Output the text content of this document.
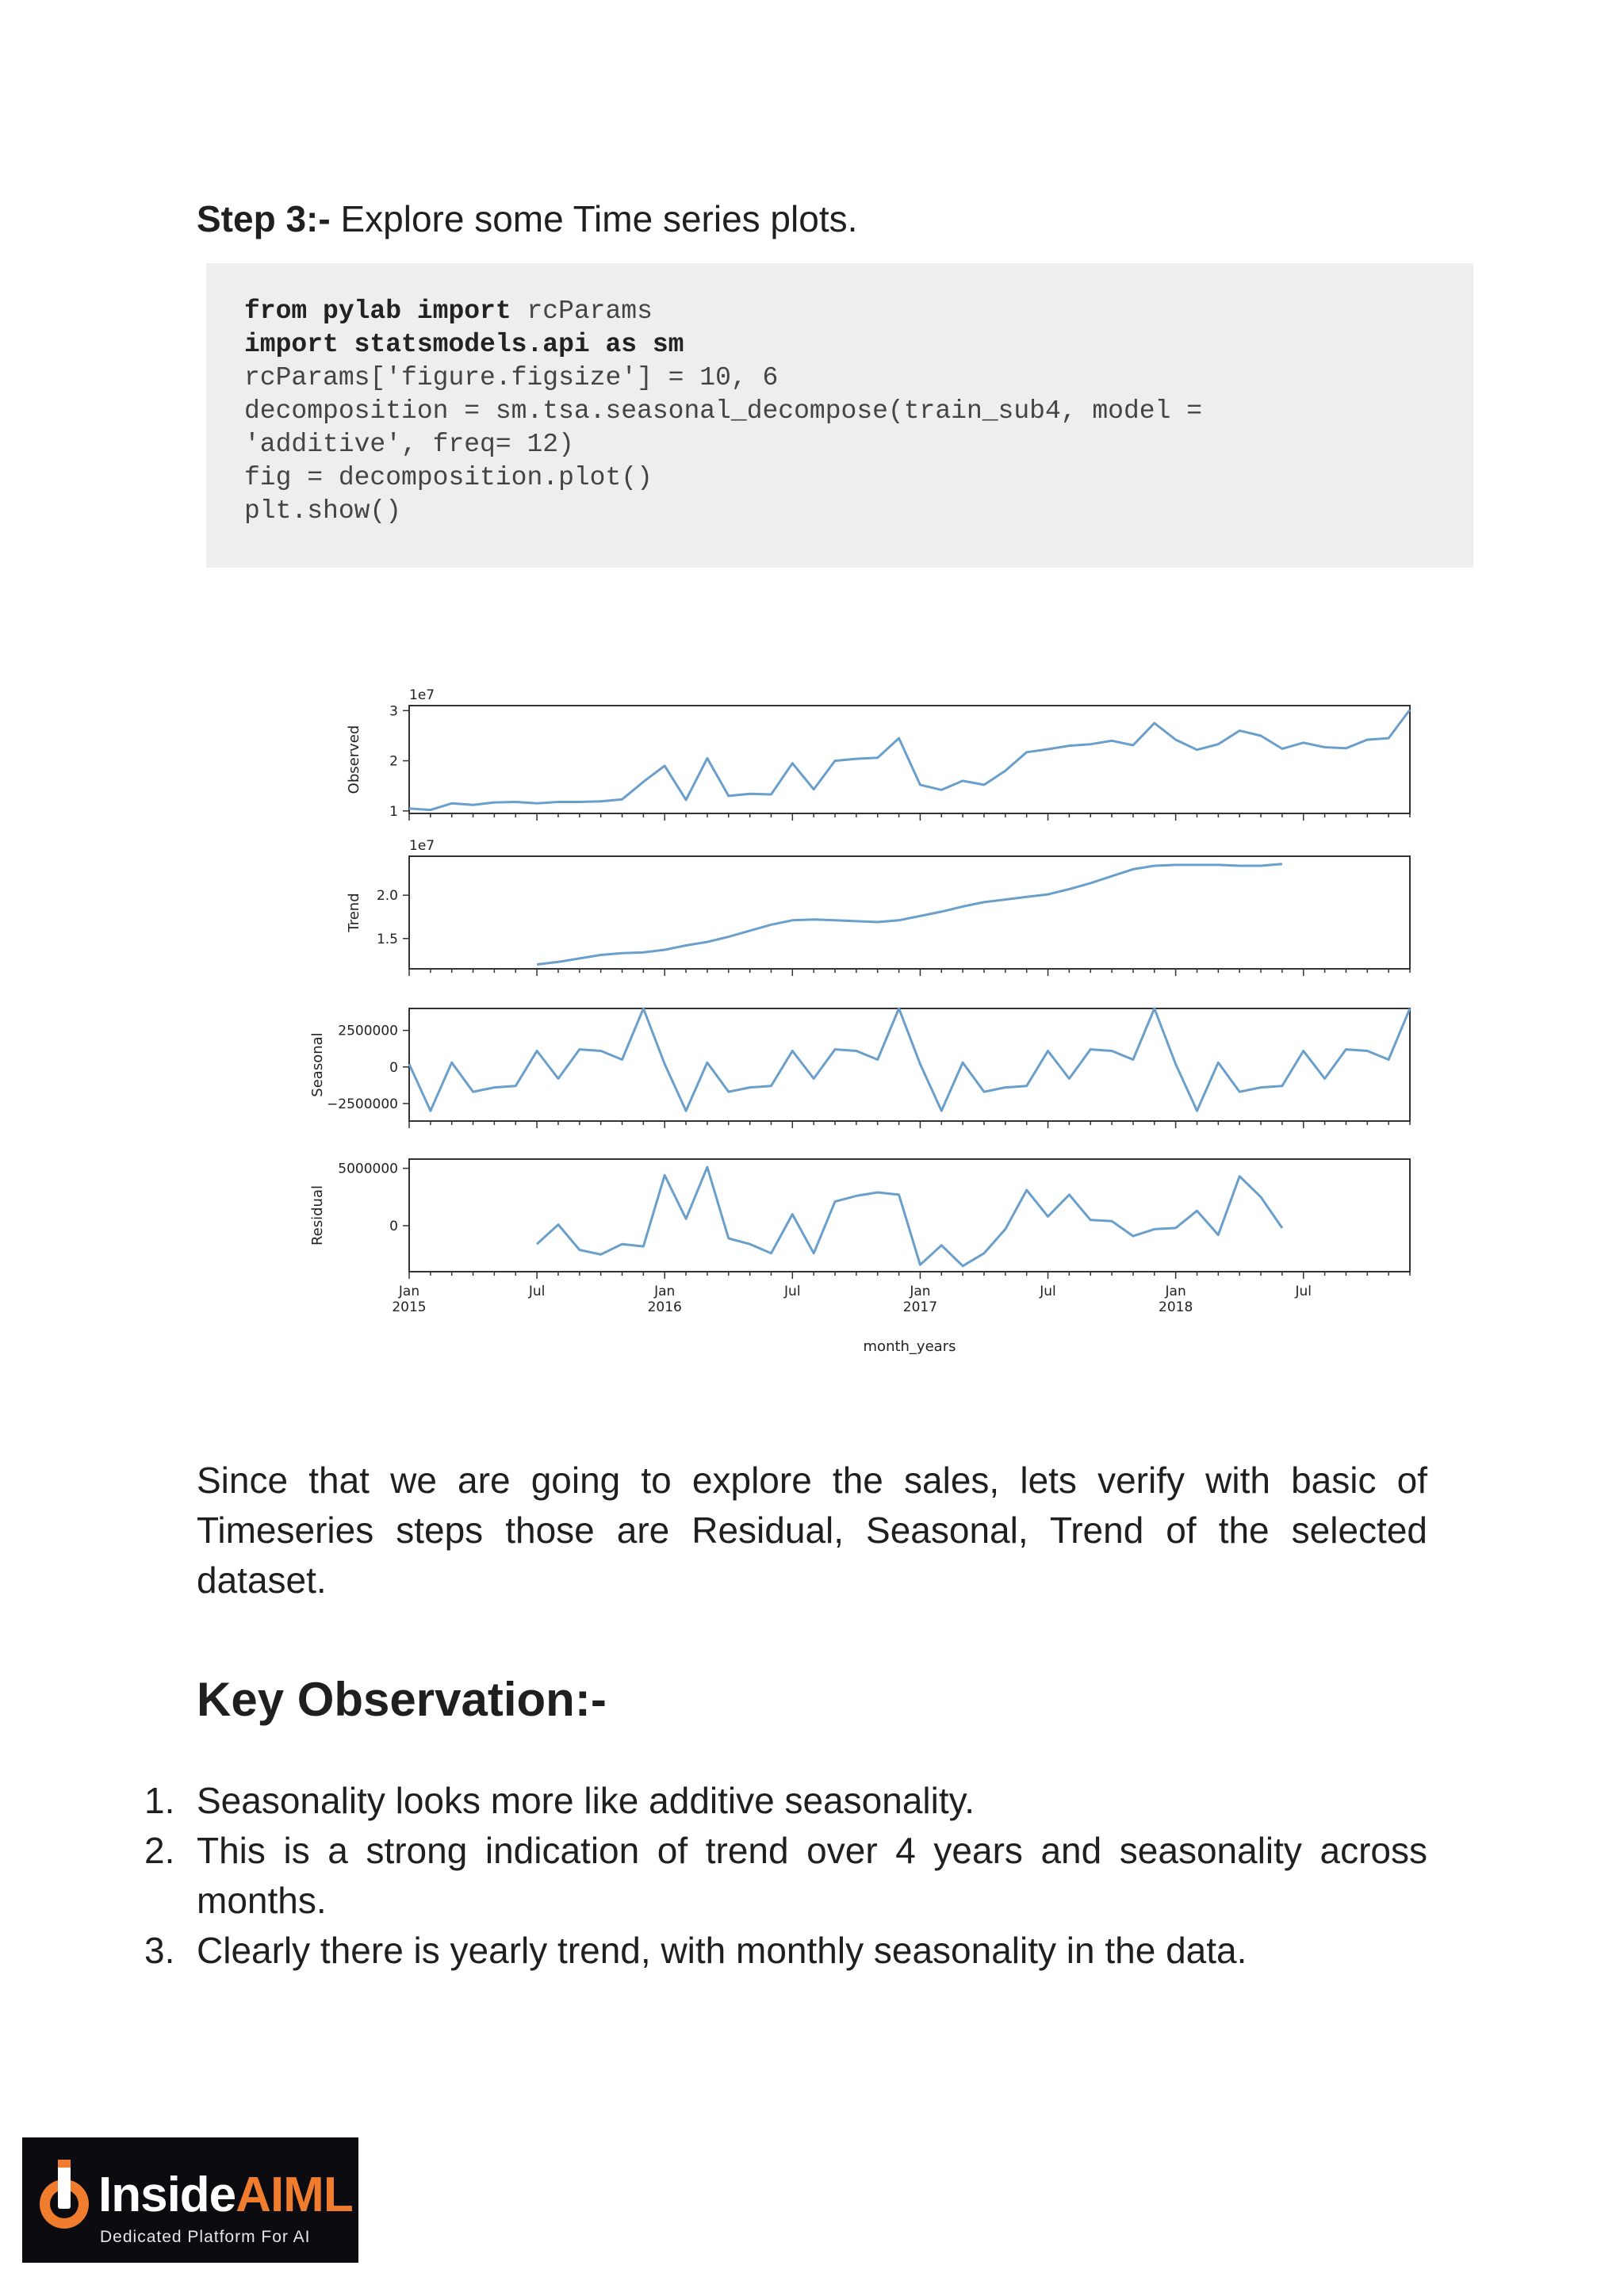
Step 3:- Explore some Time series plots.
from pylab import rcParams
import statsmodels.api as sm
rcParams['figure.figsize'] = 10, 6
decomposition = sm.tsa.seasonal_decompose(train_sub4, model =
'additive', freq= 12)
fig = decomposition.plot()
plt.show()
1
2
3
1e7
Observed
1.5
2.0
1e7
Trend
2500000
0
−2500000
Seasonal
5000000
0
Residual
Jan
2015
Jul	Jan
2016
Jul	Jan
2017
Jul	Jan
2018
Jul
month_years

Since that we are going to explore the sales, lets verify with basic of Timeseries steps those are Residual, Seasonal, Trend of the selected dataset.

Key Observation:-
1. Seasonality looks more like additive seasonality.
2. This is a strong indication of trend over 4 years and seasonality across months.
3. Clearly there is yearly trend, with monthly seasonality in the data.
InsideAIML
Dedicated Platform For AI
